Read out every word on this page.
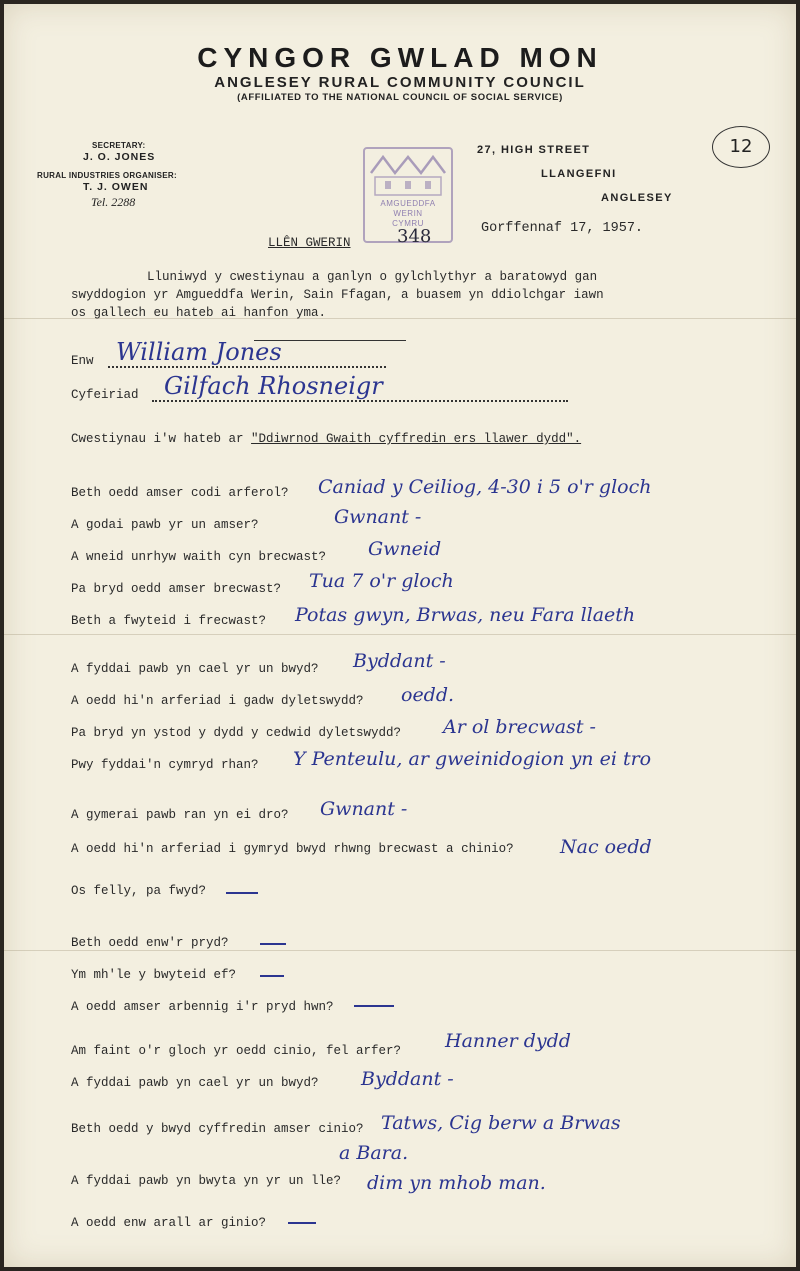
CYNGOR GWLAD MON
ANGLESEY RURAL COMMUNITY COUNCIL
(AFFILIATED TO THE NATIONAL COUNCIL OF SOCIAL SERVICE)
SECRETARY:
J. O. JONES
RURAL INDUSTRIES ORGANISER:
T. J. OWEN
Tel. 2288
27, HIGH STREET
LLANGEFNI
ANGLESEY
12
AMGUEDDFA
WERIN
CYMRU	Gorffennaf 17, 1957.
LLÊN GWERIN	348
Lluniwyd y cwestiynau a ganlyn o gylchlythyr a baratowyd gan
swyddogion yr Amgueddfa Werin, Sain Ffagan, a buasem yn ddiolchgar iawn
os gallech eu hateb ai hanfon yma.
Enw William Jones
Cyfeiriad Gilfach Rhosneigr
Cwestiynau i'w hateb ar "Ddiwrnod Gwaith cyffredin ers llawer dydd".
Beth oedd amser codi arferol? Caniad y Ceiliog, 4-30 i 5 o'r gloch
A godai pawb yr un amser?	Gwnant -
A wneid unrhyw waith cyn brecwast? Gwneid
Pa bryd oedd amser brecwast? Tua 7 o'r gloch
Beth a fwyteid i frecwast? Potas gwyn, Brwas, neu Fara llaeth
A fyddai pawb yn cael yr un bwyd? Byddant -
A oedd hi'n arferiad i gadw dyletswydd? oedd.
Pa bryd yn ystod y dydd y cedwid dyletswydd? Ar ol brecwast -
Pwy fyddai'n cymryd rhan? Y Penteulu, ar gweinidogion yn ei tro
A gymerai pawb ran yn ei dro? Gwnant -
A oedd hi'n arferiad i gymryd bwyd rhwng brecwast a chinio? Nac oedd
Os felly, pa fwyd?
Beth oedd enw'r pryd?
Ym mh'le y bwyteid ef?
A oedd amser arbennig i'r pryd hwn?
Am faint o'r gloch yr oedd cinio, fel arfer? Hanner dydd
A fyddai pawb yn cael yr un bwyd? Byddant -
Beth oedd y bwyd cyffredin amser cinio? Tatws, Cig berw a Brwas
a Bara.
A fyddai pawb yn bwyta yn yr un lle? dim yn mhob man.
A oedd enw arall ar ginio?
